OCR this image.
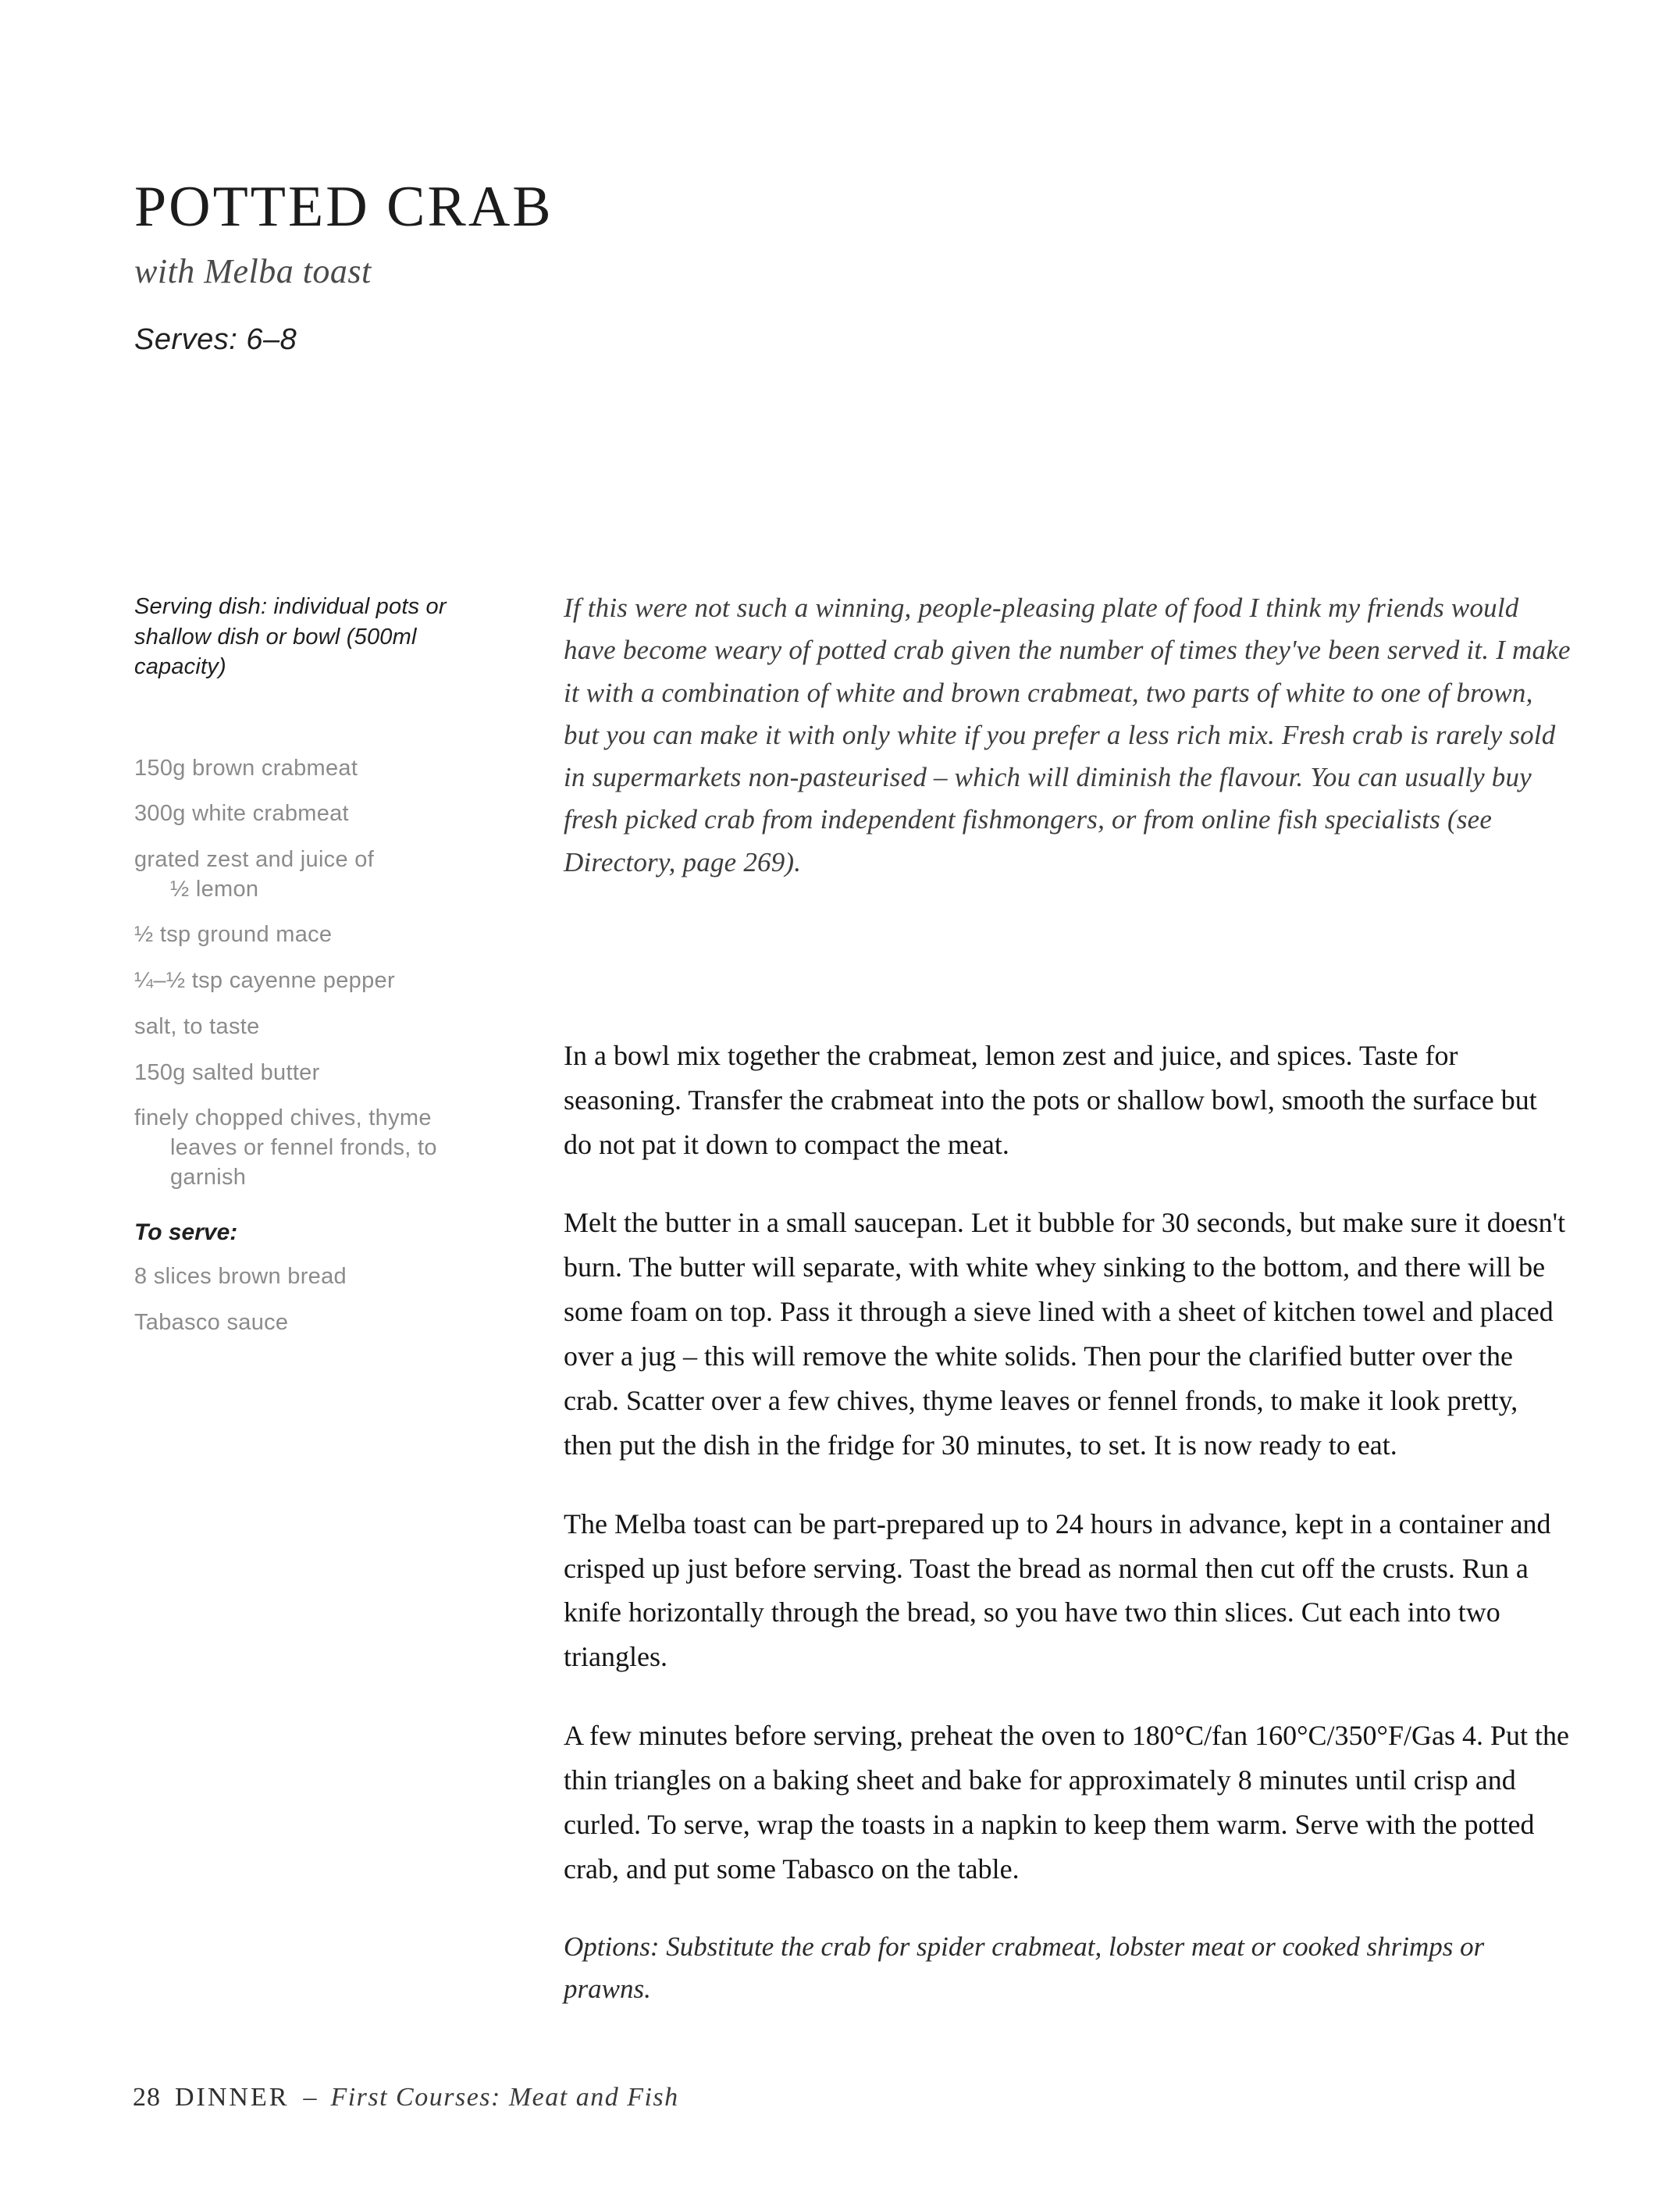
POTTED CRAB
with Melba toast
Serves: 6–8
Serving dish: individual pots or shallow dish or bowl (500ml capacity)
150g brown crabmeat
300g white crabmeat
grated zest and juice of
½ lemon
½ tsp ground mace
¼–½ tsp cayenne pepper
salt, to taste
150g salted butter
finely chopped chives, thyme
leaves or fennel fronds, to garnish
To serve:
8 slices brown bread
Tabasco sauce

If this were not such a winning, people-pleasing plate of food I think my friends would have become weary of potted crab given the number of times they've been served it. I make it with a combination of white and brown crabmeat, two parts of white to one of brown, but you can make it with only white if you prefer a less rich mix. Fresh crab is rarely sold in supermarkets non-pasteurised – which will diminish the flavour. You can usually buy fresh picked crab from independent fishmongers, or from online fish specialists (see Directory, page 269).

In a bowl mix together the crabmeat, lemon zest and juice, and spices. Taste for seasoning. Transfer the crabmeat into the pots or shallow bowl, smooth the surface but do not pat it down to compact the meat.

Melt the butter in a small saucepan. Let it bubble for 30 seconds, but make sure it doesn't burn. The butter will separate, with white whey sinking to the bottom, and there will be some foam on top. Pass it through a sieve lined with a sheet of kitchen towel and placed over a jug – this will remove the white solids. Then pour the clarified butter over the crab. Scatter over a few chives, thyme leaves or fennel fronds, to make it look pretty, then put the dish in the fridge for 30 minutes, to set. It is now ready to eat.

The Melba toast can be part-prepared up to 24 hours in advance, kept in a container and crisped up just before serving. Toast the bread as normal then cut off the crusts. Run a knife horizontally through the bread, so you have two thin slices. Cut each into two triangles.

A few minutes before serving, preheat the oven to 180°C/fan 160°C/350°F/Gas 4. Put the thin triangles on a baking sheet and bake for approximately 8 minutes until crisp and curled. To serve, wrap the toasts in a napkin to keep them warm. Serve with the potted crab, and put some Tabasco on the table.

Options: Substitute the crab for spider crabmeat, lobster meat or cooked shrimps or prawns.

28 DINNER – First Courses: Meat and Fish
